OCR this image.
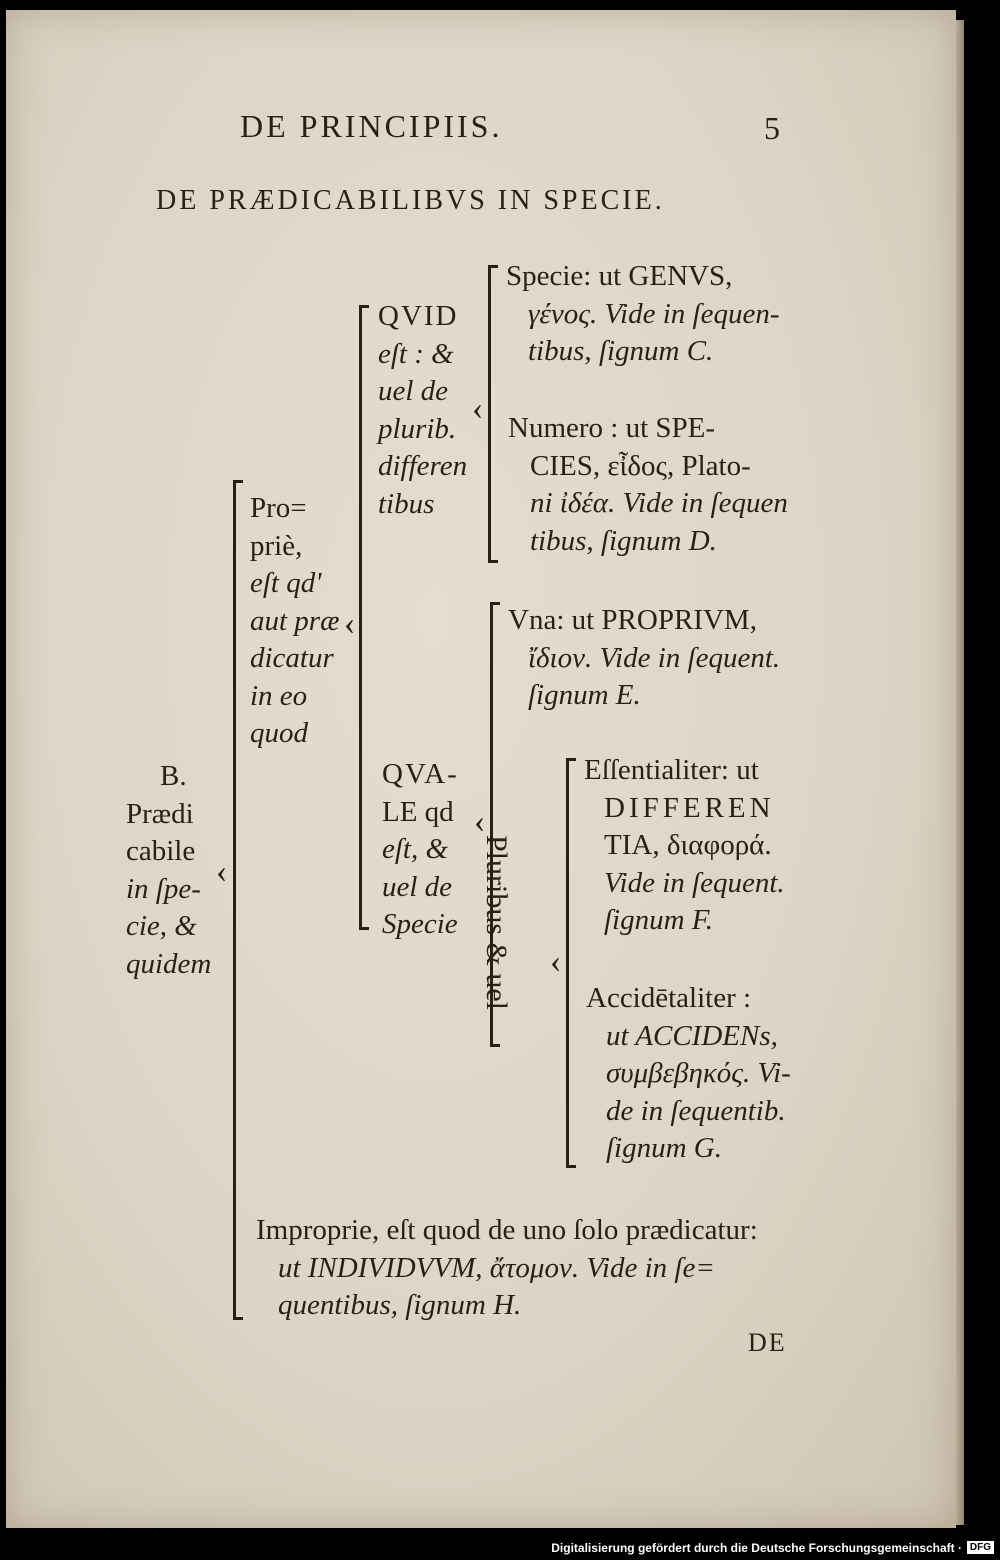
DE PRINCIPIIS.	5
DE PRÆDICABILIBVS IN SPECIE.
B.
Prædi
cabile
in ſpe‑
cie, &
quidem
‹
Pro=
priè,
eſt qd'
aut præ
dicatur
in eo
quod
‹
QVID
eſt : &
uel de
plurib.
differen
tibus
QVA‑
LE qd
eſt, &
uel de
Specie
‹
Specie: ut GENVS,
γένος. Vide in ſequen‑
tibus, ſignum C.
Numero : ut SPE‑
CIES, εἶδος, Plato‑
ni ἰδέα. Vide in ſequen
tibus, ſignum D.
‹
Vna: ut PROPRIVM,
ἴδιον. Vide in ſequent.
ſignum E.
Pluribus & uel ‹
Eſſentialiter: ut
DIFFEREN
TIA, διαφορά.
Vide in ſequent.
ſignum F.
Accidētaliter :
ut ACCIDENs,
συμβεβηκός. Vi‑
de in ſequentib.
ſignum G.
Improprie, eſt quod de uno ſolo prædicatur:
ut INDIVIDVVM, ἄτομον. Vide in ſe=
quentibus, ſignum H.
DE
Digitalisierung gefördert durch die Deutsche Forschungsgemeinschaft · DFG
